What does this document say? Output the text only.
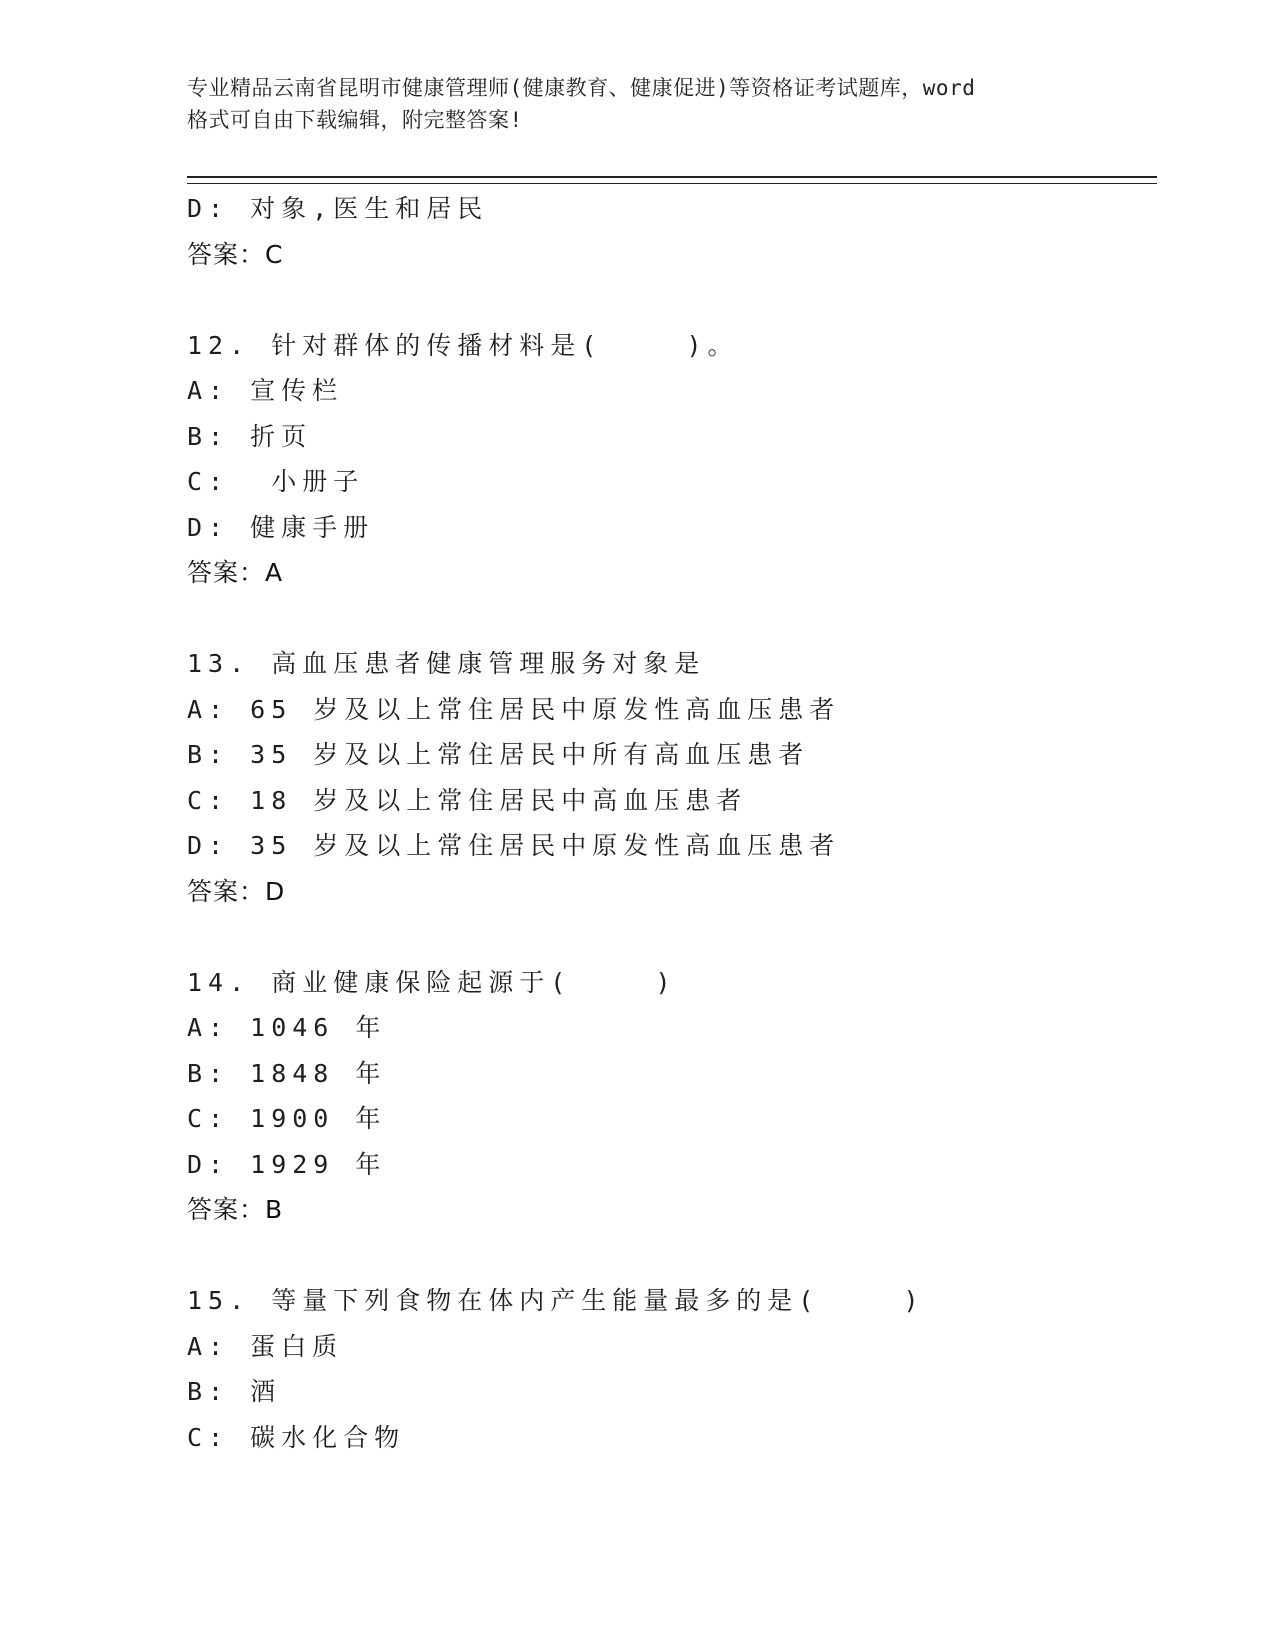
专业精品云南省昆明市健康管理师(健康教育、健康促进)等资格证考试题库，word
格式可自由下载编辑，附完整答案!
D: 对象,医生和居民
答案：C
12. 针对群体的传播材料是(    )。
A: 宣传栏
B: 折页
C:  小册子
D: 健康手册
答案：A
13. 高血压患者健康管理服务对象是
A: 65 岁及以上常住居民中原发性高血压患者
B: 35 岁及以上常住居民中所有高血压患者
C: 18 岁及以上常住居民中高血压患者
D: 35 岁及以上常住居民中原发性高血压患者
答案：D
14. 商业健康保险起源于(    )
A: 1046 年
B: 1848 年
C: 1900 年
D: 1929 年
答案：B
15. 等量下列食物在体内产生能量最多的是(    )
A: 蛋白质
B: 酒
C: 碳水化合物
